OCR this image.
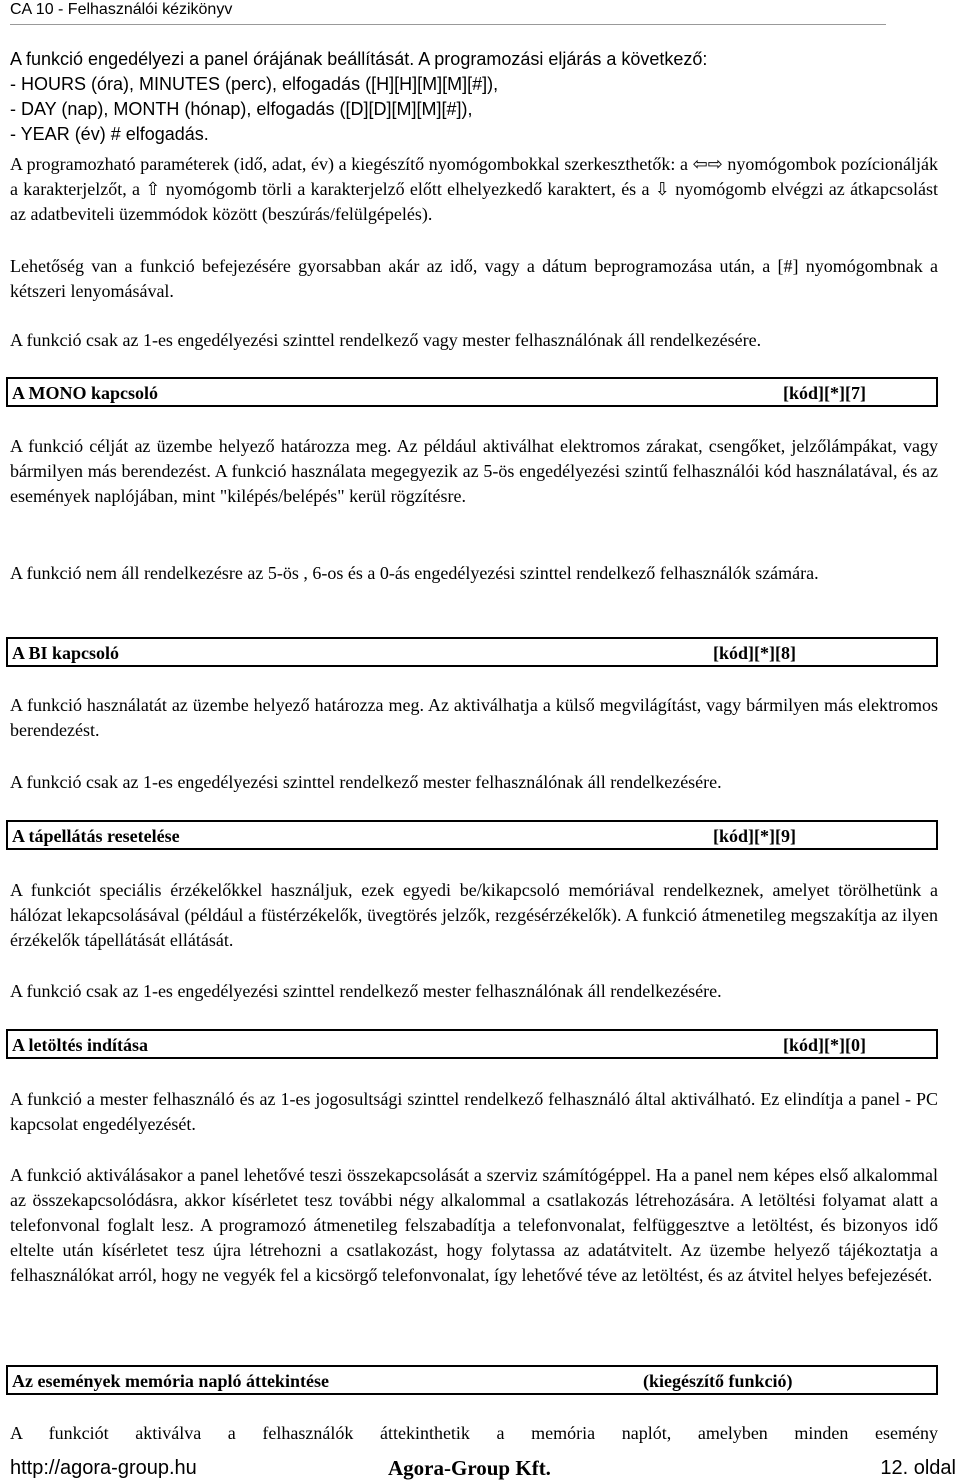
CA 10 - Felhasználói kézikönyv
A funkció engedélyezi a panel órájának beállítását. A programozási eljárás a következő:
- HOURS (óra), MINUTES (perc), elfogadás ([H][H][M][M][#]),
- DAY (nap), MONTH (hónap), elfogadás ([D][D][M][M][#]),
- YEAR (év) # elfogadás.
A programozható paraméterek (idő, adat, év) a kiegészítő nyomógombokkal szerkeszthetők: a ⇦⇨ nyomógombok pozícionálják a karakterjelzőt, a ⇧ nyomógomb törli a karakterjelző előtt elhelyezkedő karaktert, és a ⇩ nyomógomb elvégzi az átkapcsolást az adatbeviteli üzemmódok között (beszúrás/felülgépelés).
Lehetőség van a funkció befejezésére gyorsabban akár az idő, vagy a dátum beprogramozása után, a [#] nyomógombnak a kétszeri lenyomásával.
A funkció csak az 1-es engedélyezési szinttel rendelkező vagy mester felhasználónak áll rendelkezésére.
A MONO kapcsoló	[kód][*][7]
A funkció célját az üzembe helyező határozza meg. Az például aktiválhat elektromos zárakat, csengőket, jelzőlámpákat, vagy bármilyen más berendezést. A funkció használata megegyezik az 5-ös engedélyezési szintű felhasználói kód használatával, és az események naplójában, mint "kilépés/belépés" kerül rögzítésre.
A funkció nem áll rendelkezésre az 5-ös , 6-os és a 0-ás engedélyezési szinttel rendelkező felhasználók számára.
A BI kapcsoló	[kód][*][8]
A funkció használatát az üzembe helyező határozza meg. Az aktiválhatja a külső megvilágítást, vagy bármilyen más elektromos berendezést.
A funkció csak az 1-es engedélyezési szinttel rendelkező mester felhasználónak áll rendelkezésére.
A tápellátás resetelése	[kód][*][9]
A funkciót speciális érzékelőkkel használjuk, ezek egyedi be/kikapcsoló memóriával rendelkeznek, amelyet törölhetünk a hálózat lekapcsolásával (például a füstérzékelők, üvegtörés jelzők, rezgésérzékelők). A funkció átmenetileg megszakítja az ilyen érzékelők tápellátását ellátását.
A funkció csak az 1-es engedélyezési szinttel rendelkező mester felhasználónak áll rendelkezésére.
A letöltés indítása	[kód][*][0]
A funkció a mester felhasználó és az 1-es jogosultsági szinttel rendelkező felhasználó által aktiválható. Ez elindítja a panel - PC kapcsolat engedélyezését.
A funkció aktiválásakor a panel lehetővé teszi összekapcsolását a szerviz számítógéppel. Ha a panel nem képes első alkalommal az összekapcsolódásra, akkor kísérletet tesz további négy alkalommal a csatlakozás létrehozására. A letöltési folyamat alatt a telefonvonal foglalt lesz. A programozó átmenetileg felszabadítja a telefonvonalat, felfüggesztve a letöltést, és bizonyos idő eltelte után kísérletet tesz újra létrehozni a csatlakozást, hogy folytassa az adatátvitelt. Az üzembe helyező tájékoztatja a felhasználókat arról, hogy ne vegyék fel a kicsörgő telefonvonalat, így lehetővé téve az letöltést, és az átvitel helyes befejezését.
Az események memória napló áttekintése	(kiegészítő funkció)
A funkciót aktiválva a felhasználók áttekinthetik a memória naplót, amelyben minden esemény
http://agora-group.hu	Agora-Group Kft.	12. oldal
